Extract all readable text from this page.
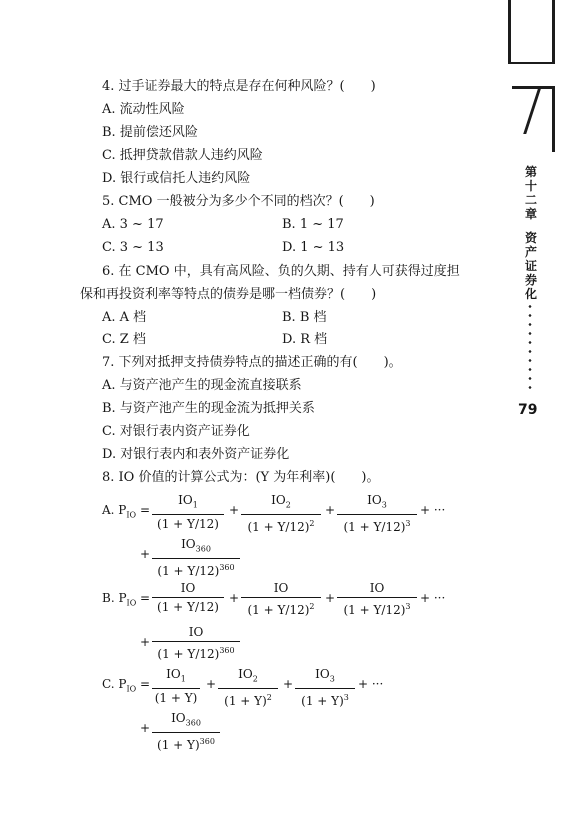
第十二章
资产证券化
79
4. 过手证券最大的特点是存在何种风险？(　　)
A. 流动性风险
B. 提前偿还风险
C. 抵押贷款借款人违约风险
D. 银行或信托人违约风险
5. CMO 一般被分为多少个不同的档次？(　　)
A. 3 ~ 17	B. 1 ~ 17
C. 3 ~ 13	D. 1 ~ 13
6. 在 CMO 中，具有高风险、负的久期、持有人可获得过度担
保和再投资利率等特点的债券是哪一档债券？(　　)
A. A 档	B. B 档
C. Z 档	D. R 档
7. 下列对抵押支持债券特点的描述正确的有(　　)。
A. 与资产池产生的现金流直接联系
B. 与资产池产生的现金流为抵押关系
C. 对银行表内资产证券化
D. 对银行表内和表外资产证券化
8. IO 价值的计算公式为：(Y 为年利率)(　　)。
A. $P_{IO} = \frac{IO_1}{(1 + Y/12)} + \frac{IO_2}{(1 + Y/12)^2} + \frac{IO_3}{(1 + Y/12)^3}$ + ···
+ $\frac{IO_{360}}{(1 + Y/12)^{360}}$
B. $P_{IO} = \frac{IO}{(1 + Y/12)} + \frac{IO}{(1 + Y/12)^2} + \frac{IO}{(1 + Y/12)^3}$ + ···
+ $\frac{IO}{(1 + Y/12)^{360}}$
C. $P_{IO} = \frac{IO_1}{(1 + Y)} + \frac{IO_2}{(1 + Y)^2} + \frac{IO_3}{(1 + Y)^3}$ + ···
+ $\frac{IO_{360}}{(1 + Y)^{360}}$
